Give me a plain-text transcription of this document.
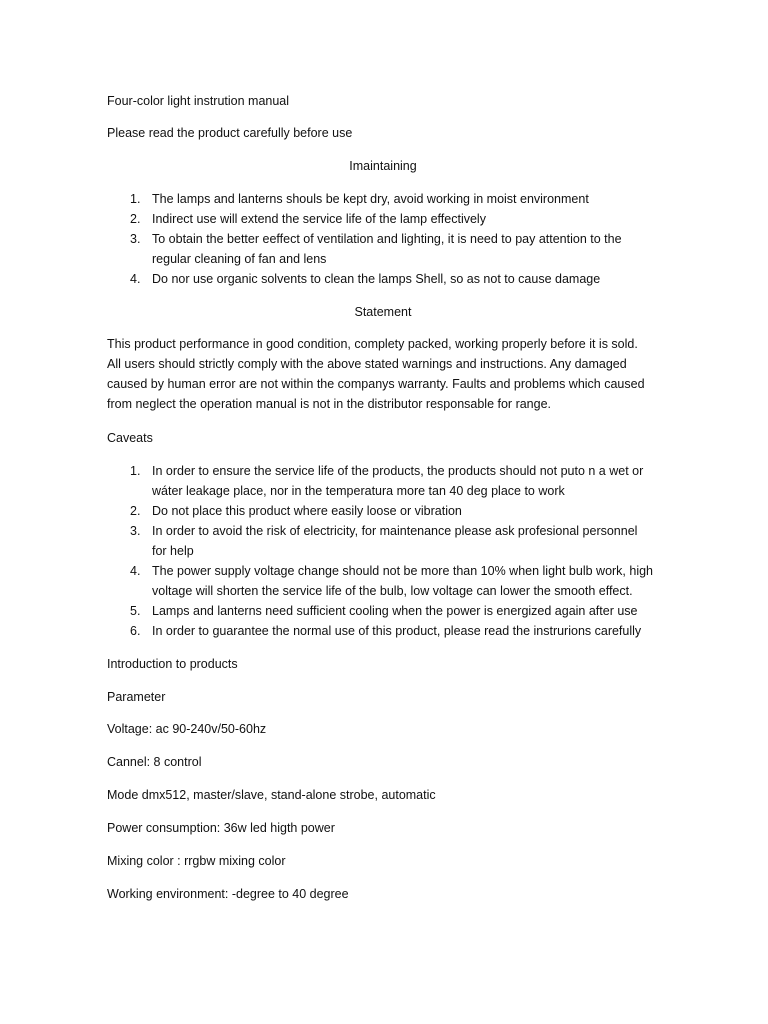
Four-color light instrution manual
Please read the product carefully before use
Imaintaining
1. The lamps and lanterns shouls be kept dry, avoid working in moist environment
2. Indirect use will extend the service life of the lamp effectively
3. To obtain the better eeffect of ventilation and lighting, it is need to pay attention to the
regular cleaning of fan and lens
4. Do nor use organic solvents to clean the lamps Shell, so as not to cause damage
Statement
This product performance in good condition, complety packed, working properly before it is sold.
All users should strictly comply with the above stated warnings and instructions. Any damaged
caused by human error are not within the companys warranty. Faults and problems which caused
from neglect the operation manual is not in the distributor responsable for range.
Caveats
1. In order to ensure the service life of the products, the products should not puto n a wet or
wáter leakage place, nor in the temperatura more tan 40 deg place to work
2. Do not place this product where easily loose or vibration
3. In order to avoid the risk of electricity, for maintenance please ask profesional personnel
for help
4. The power supply voltage change should not be more than 10% when light bulb work, high
voltage will shorten the service life of the bulb, low voltage can lower the smooth effect.
5. Lamps and lanterns need sufficient cooling when the power is energized again after use
6. In order to guarantee the normal use of this product, please read the instrurions carefully
Introduction to products
Parameter
Voltage: ac 90-240v/50-60hz
Cannel: 8 control
Mode dmx512, master/slave, stand-alone strobe, automatic
Power consumption: 36w led higth power
Mixing color : rrgbw mixing color
Working environment: -degree to 40 degree
